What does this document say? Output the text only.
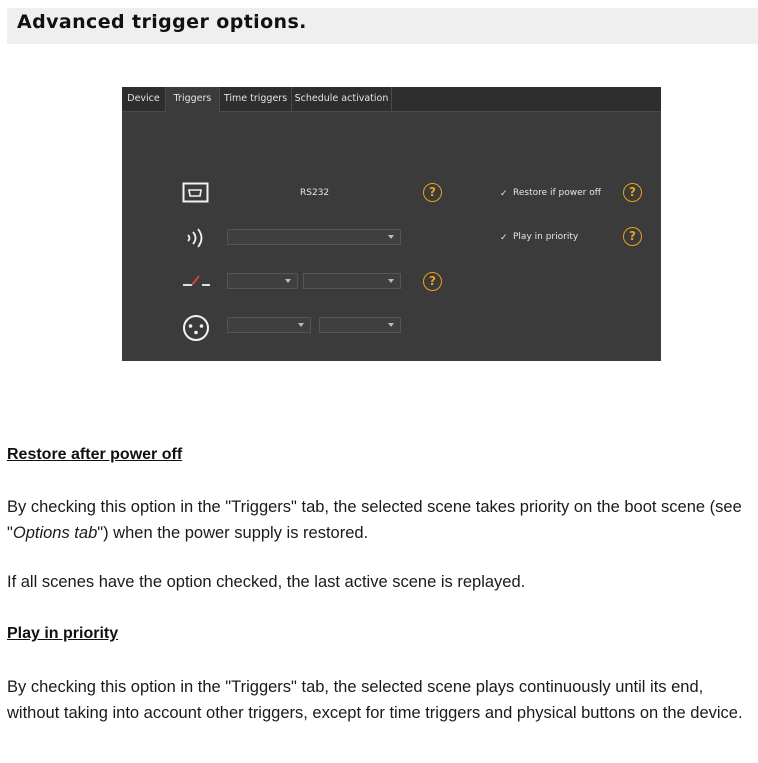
Advanced trigger options.
Device	Triggers	Time triggers Schedule activation
RS232	?	✓ Restore if power off	?
✓ Play in priority	?
?
Restore after power off

By checking this option in the "Triggers" tab, the selected scene takes priority on the boot scene (see "Options tab") when the power supply is restored.

If all scenes have the option checked, the last active scene is replayed.

Play in priority

By checking this option in the "Triggers" tab, the selected scene plays continuously until its end, without taking into account other triggers, except for time triggers and physical buttons on the device.
